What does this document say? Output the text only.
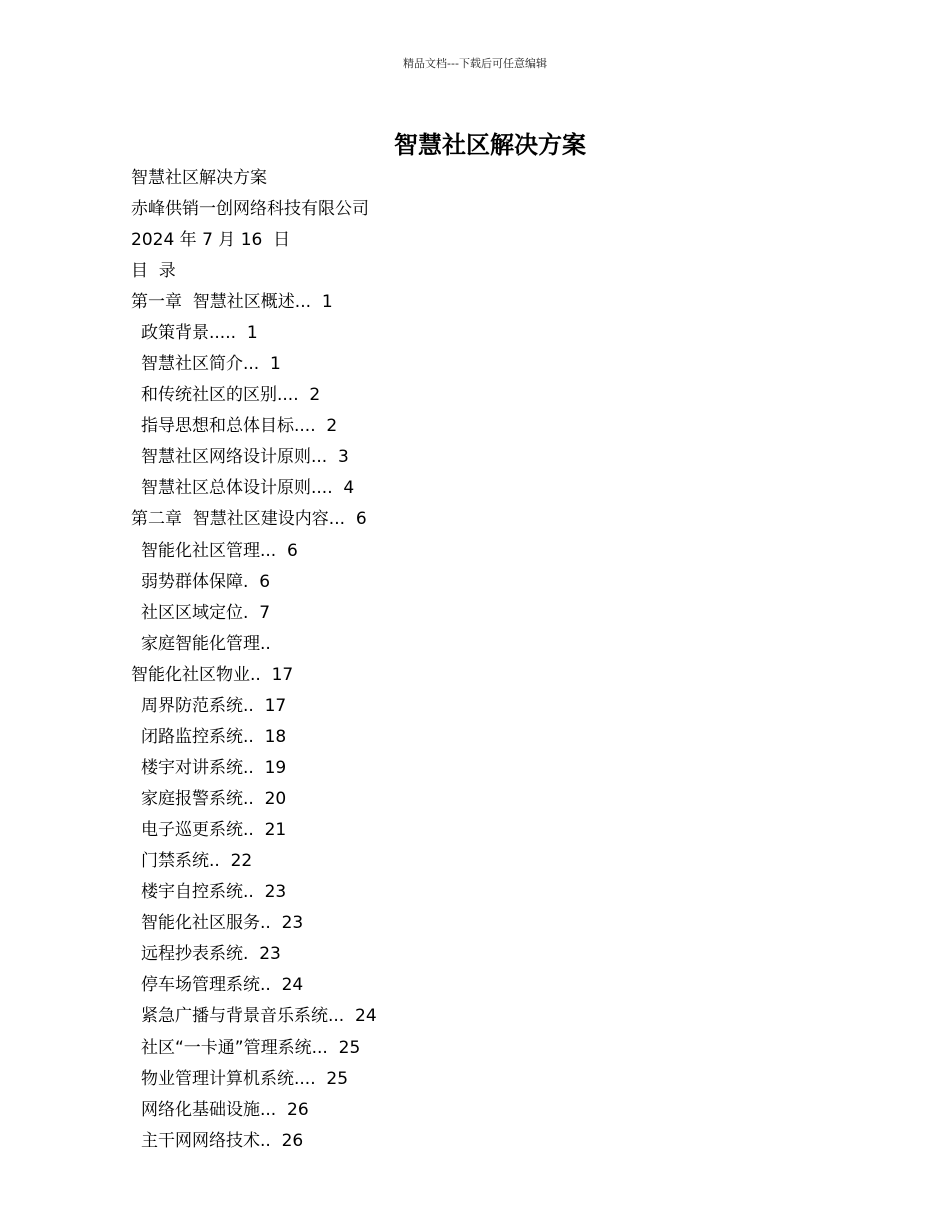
精品文档---下载后可任意编辑
智慧社区解决方案
智慧社区解决方案
赤峰供销一创网络科技有限公司
2024 年 7 月 16  日
目  录
第一章  智慧社区概述...  1
政策背景.....  1
智慧社区简介...  1
和传统社区的区别....  2
指导思想和总体目标....  2
智慧社区网络设计原则...  3
智慧社区总体设计原则....  4
第二章  智慧社区建设内容...  6
智能化社区管理...  6
弱势群体保障.  6
社区区域定位.  7
家庭智能化管理..
智能化社区物业..  17
周界防范系统..  17
闭路监控系统..  18
楼宇对讲系统..  19
家庭报警系统..  20
电子巡更系统..  21
门禁系统..  22
楼宇自控系统..  23
智能化社区服务..  23
远程抄表系统.  23
停车场管理系统..  24
紧急广播与背景音乐系统...  24
社区“一卡通”管理系统...  25
物业管理计算机系统....  25
网络化基础设施...  26
主干网网络技术..  26
